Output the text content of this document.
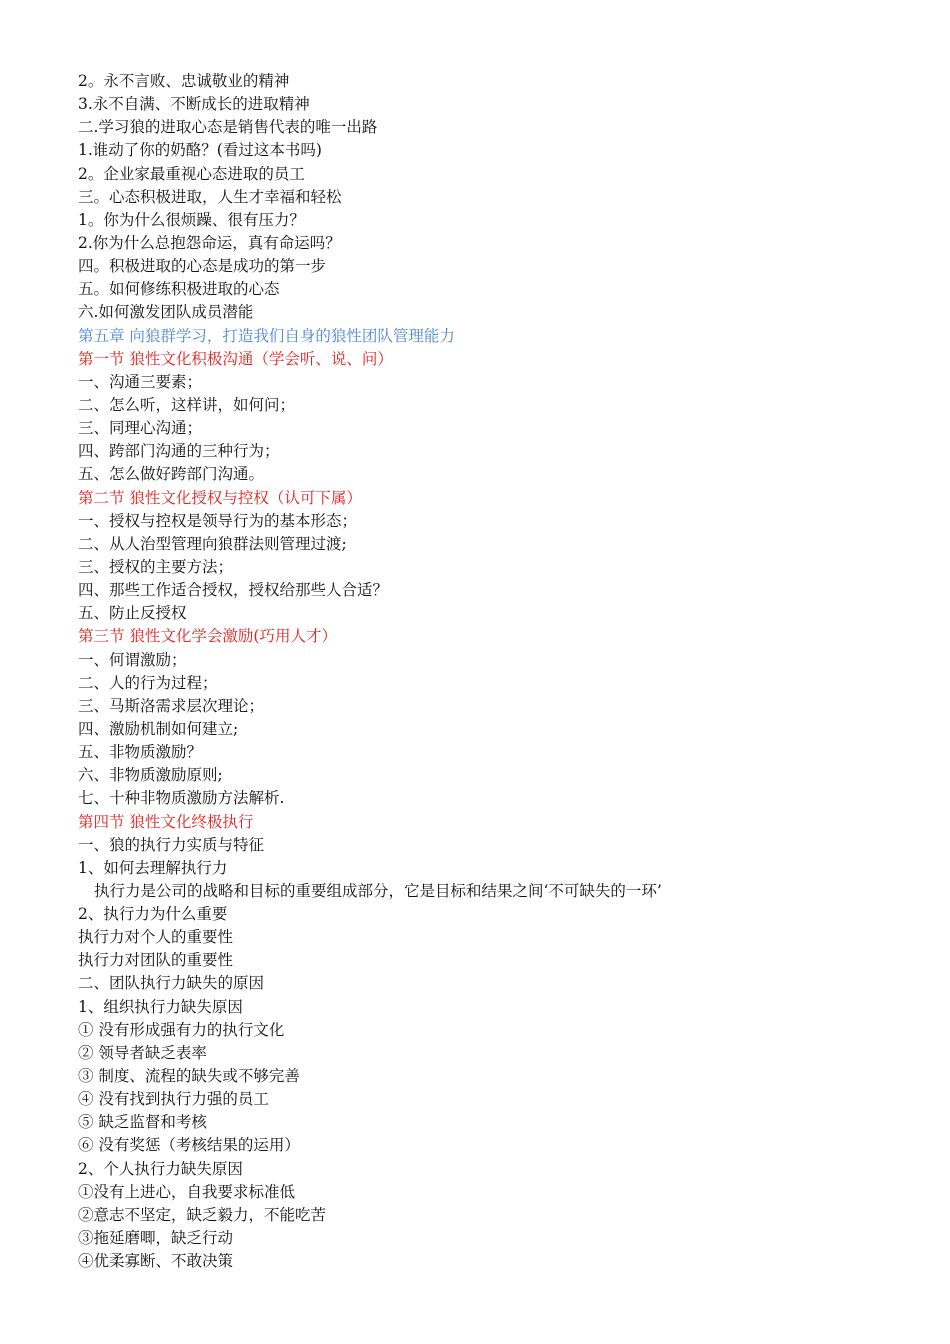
2。永不言败、忠诚敬业的精神
3.永不自满、不断成长的进取精神
二.学习狼的进取心态是销售代表的唯一出路
1.谁动了你的奶酪？(看过这本书吗)
2。企业家最重视心态进取的员工
三。心态积极进取，人生才幸福和轻松
1。你为什么很烦躁、很有压力？
2.你为什么总抱怨命运，真有命运吗？
四。积极进取的心态是成功的第一步
五。如何修练积极进取的心态
六.如何激发团队成员潜能
第五章 向狼群学习，打造我们自身的狼性团队管理能力
第一节 狼性文化积极沟通（学会听、说、问）
一、沟通三要素；
二、怎么听，这样讲，如何问；
三、同理心沟通；
四、跨部门沟通的三种行为；
五、怎么做好跨部门沟通。
第二节 狼性文化授权与控权（认可下属）
一、授权与控权是领导行为的基本形态；
二、从人治型管理向狼群法则管理过渡;
三、授权的主要方法；
四、那些工作适合授权，授权给那些人合适？
五、防止反授权
第三节 狼性文化学会激励(巧用人才）
一、何谓激励；
二、人的行为过程；
三、马斯洛需求层次理论；
四、激励机制如何建立;
五、非物质激励？
六、非物质激励原则;
七、十种非物质激励方法解析.
第四节 狼性文化终极执行
一、狼的执行力实质与特征
1、如何去理解执行力
执行力是公司的战略和目标的重要组成部分，它是目标和结果之间‘不可缺失的一环’
2、执行力为什么重要
执行力对个人的重要性
执行力对团队的重要性
二、团队执行力缺失的原因
1、组织执行力缺失原因
① 没有形成强有力的执行文化
② 领导者缺乏表率
③ 制度、流程的缺失或不够完善
④ 没有找到执行力强的员工
⑤ 缺乏监督和考核
⑥ 没有奖惩（考核结果的运用）
2、个人执行力缺失原因
①没有上进心，自我要求标准低
②意志不坚定，缺乏毅力，不能吃苦
③拖延磨唧，缺乏行动
④优柔寡断、不敢决策
